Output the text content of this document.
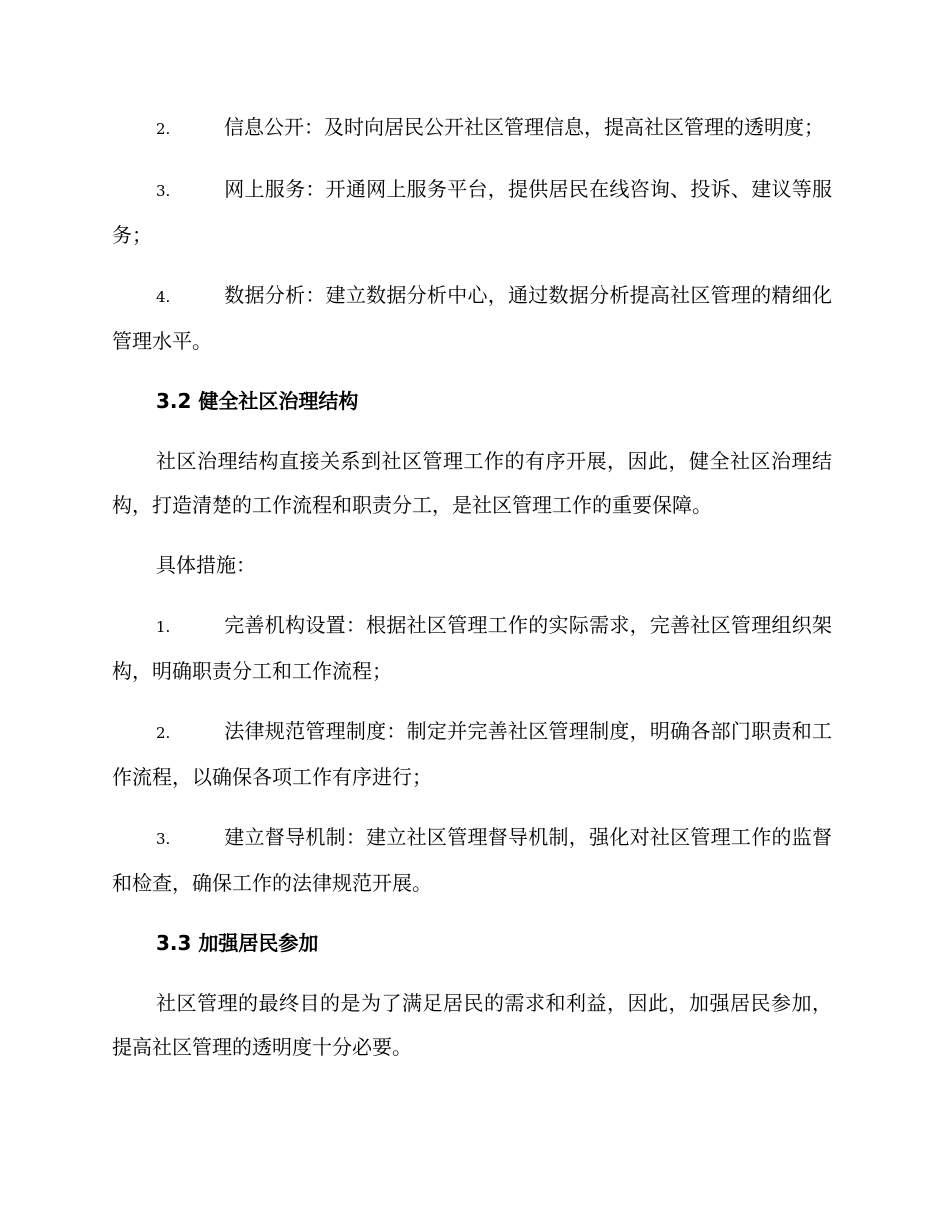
2.	信息公开：及时向居民公开社区管理信息，提高社区管理的透明度；

3.	网上服务：开通网上服务平台，提供居民在线咨询、投诉、建议等服务；

4.	数据分析：建立数据分析中心，通过数据分析提高社区管理的精细化管理水平。

3.2 健全社区治理结构

社区治理结构直接关系到社区管理工作的有序开展，因此，健全社区治理结构，打造清楚的工作流程和职责分工，是社区管理工作的重要保障。

具体措施：

1.	完善机构设置：根据社区管理工作的实际需求，完善社区管理组织架构，明确职责分工和工作流程；

2.	法律规范管理制度：制定并完善社区管理制度，明确各部门职责和工作流程，以确保各项工作有序进行；

3.	建立督导机制：建立社区管理督导机制，强化对社区管理工作的监督和检查，确保工作的法律规范开展。

3.3 加强居民参加

社区管理的最终目的是为了满足居民的需求和利益，因此，加强居民参加，提高社区管理的透明度十分必要。
